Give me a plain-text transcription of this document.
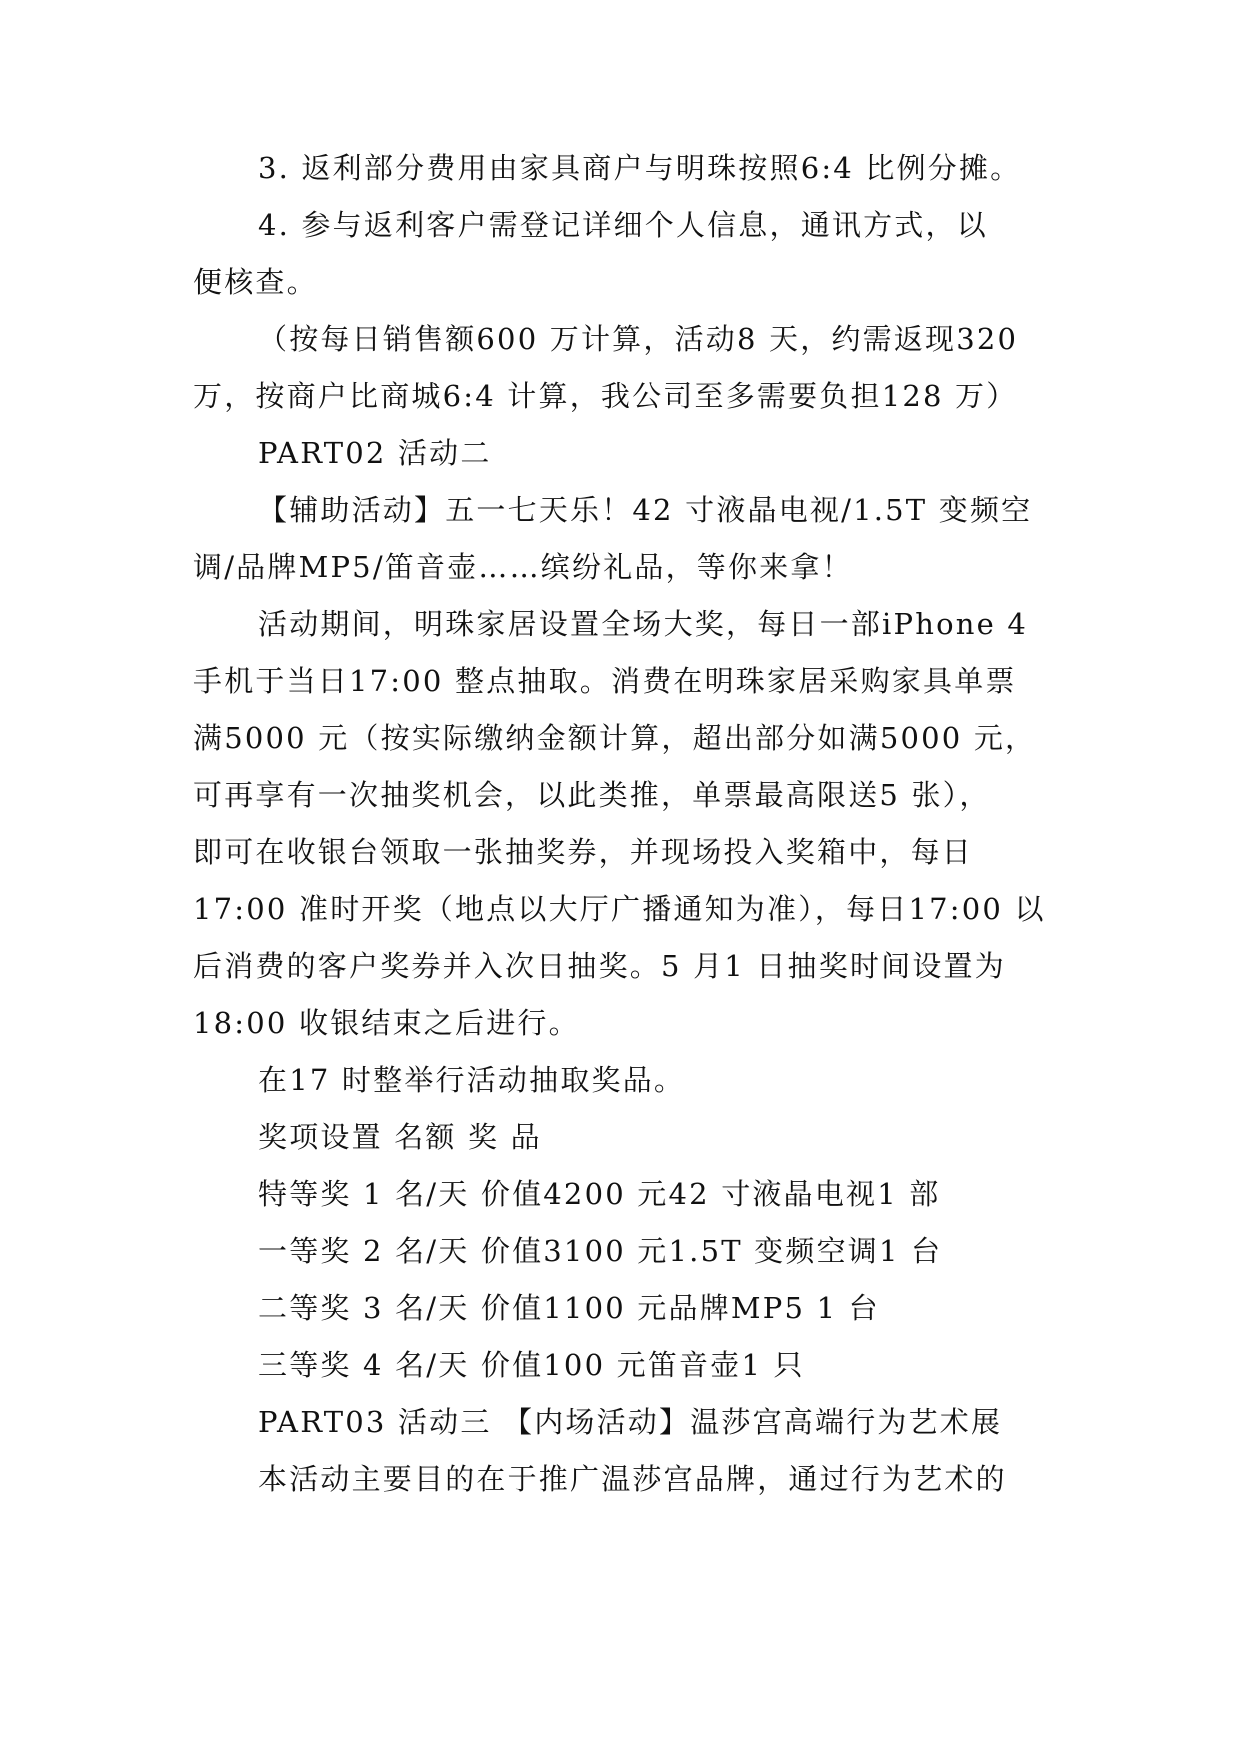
3. 返利部分费用由家具商户与明珠按照6:4 比例分摊。
4. 参与返利客户需登记详细个人信息，通讯方式，以
便核查。
（按每日销售额600 万计算，活动8 天，约需返现320
万，按商户比商城6:4 计算，我公司至多需要负担128 万）
PART02 活动二
【辅助活动】五一七天乐！42 寸液晶电视/1.5T 变频空
调/品牌MP5/笛音壶……缤纷礼品，等你来拿！
活动期间，明珠家居设置全场大奖，每日一部iPhone 4
手机于当日17:00 整点抽取。消费在明珠家居采购家具单票
满5000 元（按实际缴纳金额计算，超出部分如满5000 元，
可再享有一次抽奖机会，以此类推，单票最高限送5 张），
即可在收银台领取一张抽奖券，并现场投入奖箱中，每日
17:00 准时开奖（地点以大厅广播通知为准），每日17:00 以
后消费的客户奖券并入次日抽奖。5 月1 日抽奖时间设置为
18:00 收银结束之后进行。
在17 时整举行活动抽取奖品。
奖项设置 名额 奖 品
特等奖 1 名/天 价值4200 元42 寸液晶电视1 部
一等奖 2 名/天 价值3100 元1.5T 变频空调1 台
二等奖 3 名/天 价值1100 元品牌MP5 1 台
三等奖 4 名/天 价值100 元笛音壶1 只
PART03 活动三 【内场活动】温莎宫高端行为艺术展
本活动主要目的在于推广温莎宫品牌，通过行为艺术的
